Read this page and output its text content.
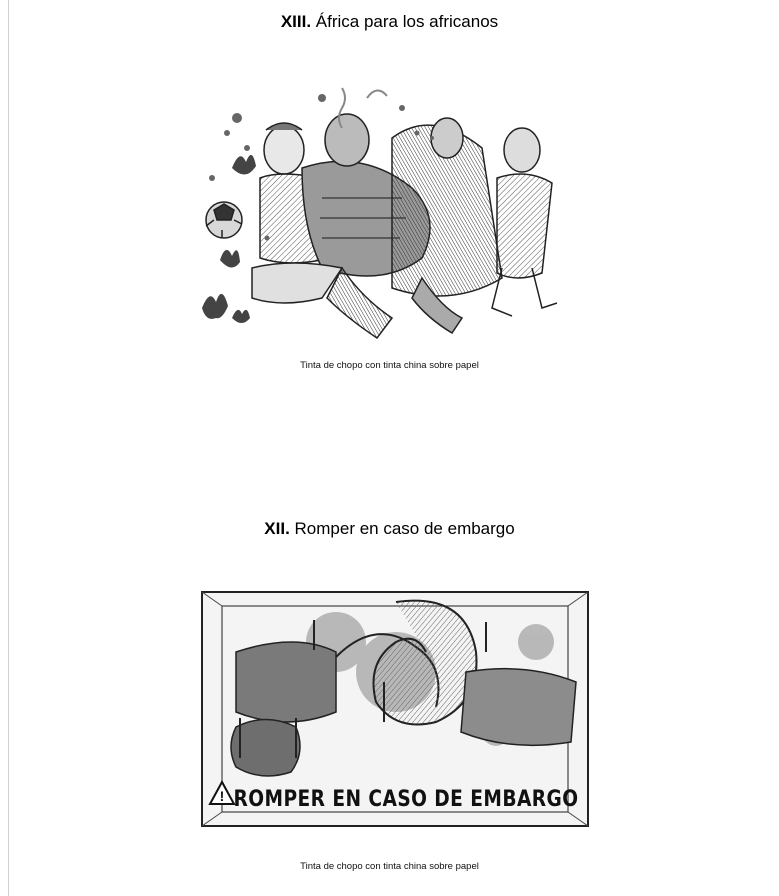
XIII. África para los africanos
Tinta de chopo con tinta china sobre papel
XII. Romper en caso de embargo
! ROMPER EN CASO DE EMBARGO
Tinta de chopo con tinta china sobre papel
